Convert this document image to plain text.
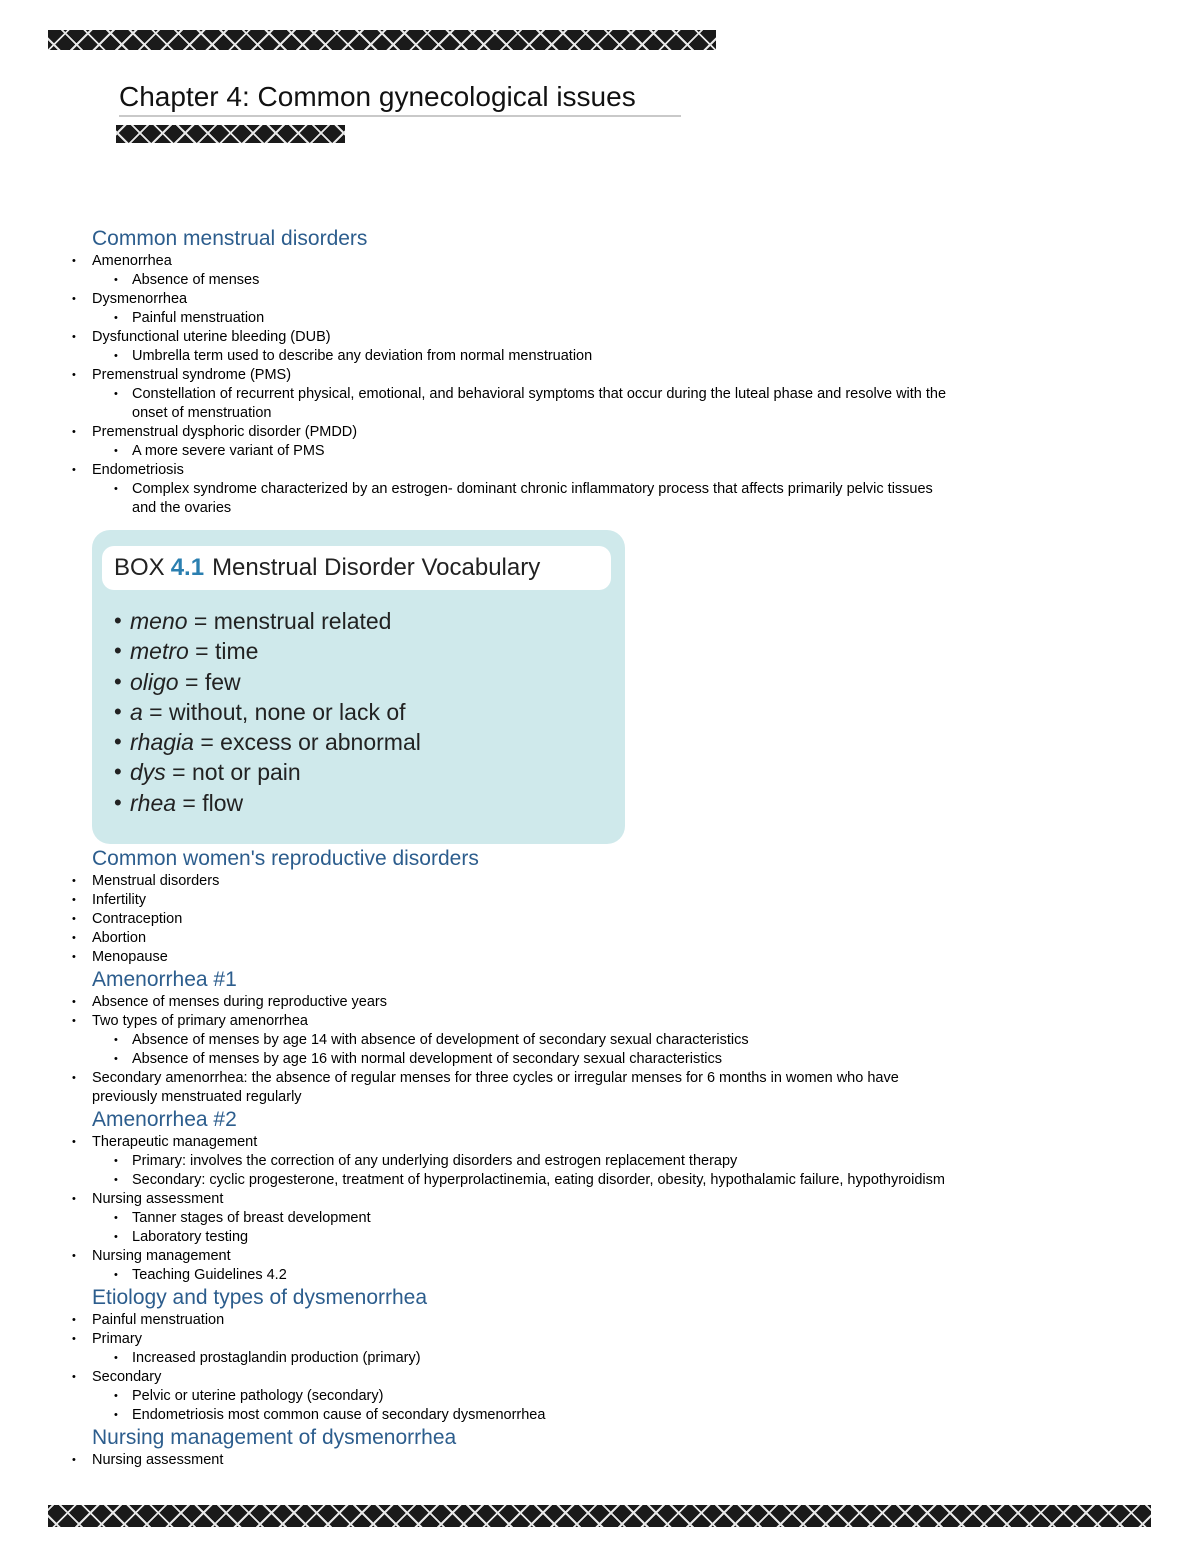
Chapter 4: Common gynecological issues
Common menstrual disorders
• Amenorrhea
• Absence of menses
• Dysmenorrhea
• Painful menstruation
• Dysfunctional uterine bleeding (DUB)
• Umbrella term used to describe any deviation from normal menstruation
• Premenstrual syndrome (PMS)
• Constellation of recurrent physical, emotional, and behavioral symptoms that occur during the luteal phase and resolve with the onset of menstruation
• Premenstrual dysphoric disorder (PMDD)
• A more severe variant of PMS
• Endometriosis
• Complex syndrome characterized by an estrogen- dominant chronic inflammatory process that affects primarily pelvic tissues and the ovaries
BOX 4.1 Menstrual Disorder Vocabulary
• meno = menstrual related
• metro = time
• oligo = few
• a = without, none or lack of
• rhagia = excess or abnormal
• dys = not or pain
• rhea = flow
Common women's reproductive disorders
• Menstrual disorders
• Infertility
• Contraception
• Abortion
• Menopause
Amenorrhea #1
• Absence of menses during reproductive years
• Two types of primary amenorrhea
• Absence of menses by age 14 with absence of development of secondary sexual characteristics
• Absence of menses by age 16 with normal development of secondary sexual characteristics
• Secondary amenorrhea: the absence of regular menses for three cycles or irregular menses for 6 months in women who have previously menstruated regularly
Amenorrhea #2
• Therapeutic management
• Primary: involves the correction of any underlying disorders and estrogen replacement therapy
• Secondary: cyclic progesterone, treatment of hyperprolactinemia, eating disorder, obesity, hypothalamic failure, hypothyroidism
• Nursing assessment
• Tanner stages of breast development
• Laboratory testing
• Nursing management
• Teaching Guidelines 4.2
Etiology and types of dysmenorrhea
• Painful menstruation
• Primary
• Increased prostaglandin production (primary)
• Secondary
• Pelvic or uterine pathology (secondary)
• Endometriosis most common cause of secondary dysmenorrhea
Nursing management of dysmenorrhea
• Nursing assessment
